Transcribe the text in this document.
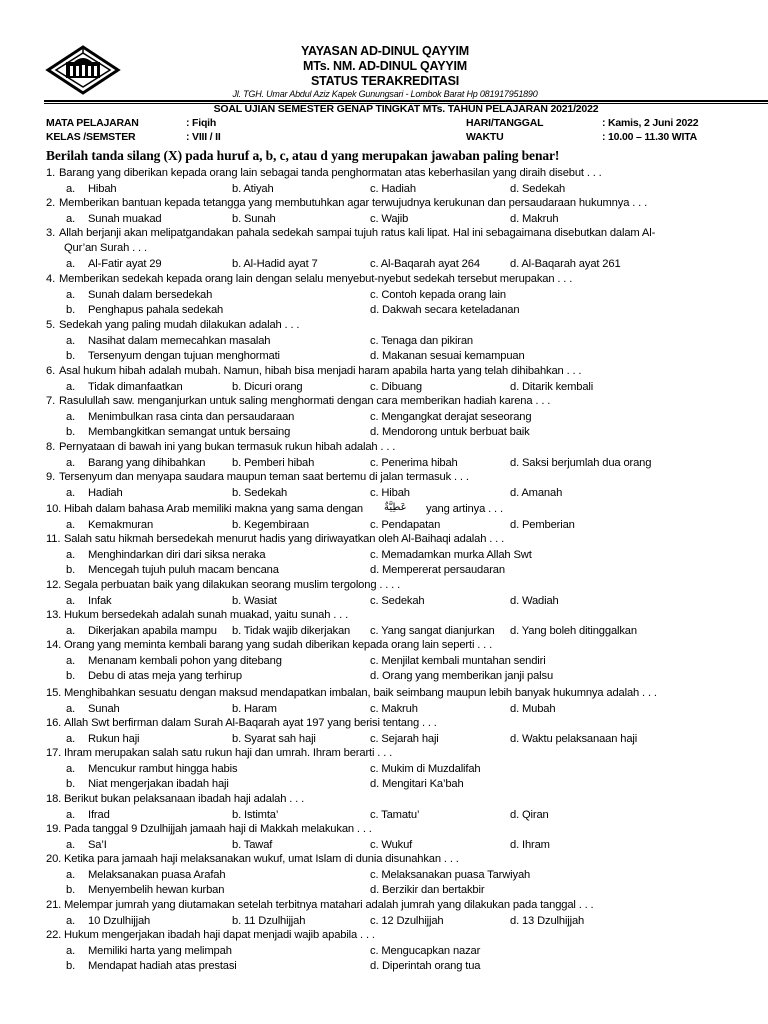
YAYASAN AD-DINUL QAYYIM
MTs. NM. AD-DINUL QAYYIM
STATUS TERAKREDITASI
Jl. TGH. Umar Abdul Aziz Kapek Gunungsari - Lombok Barat Hp 081917951890
SOAL UJIAN SEMESTER GENAP TINGKAT MTs. TAHUN PELAJARAN 2021/2022
MATA PELAJARAN	: Fiqih	HARI/TANGGAL	: Kamis, 2 Juni 2022
KELAS /SEMSTER	: VIII / II	WAKTU	: 10.00 – 11.30 WITA
Berilah tanda silang (X) pada huruf a, b, c, atau d yang merupakan jawaban paling benar!
1. Barang yang diberikan kepada orang lain sebagai tanda penghormatan atas keberhasilan yang diraih disebut . . .
a. Hibah	b. Atiyah	c. Hadiah	d. Sedekah
2. Memberikan bantuan kepada tetangga yang membutuhkan agar terwujudnya kerukunan dan persaudaraan hukumnya . . .
a. Sunah muakad	b. Sunah	c. Wajib	d. Makruh
3. Allah berjanji akan melipatgandakan pahala sedekah sampai tujuh ratus kali lipat. Hal ini sebagaimana disebutkan dalam Al-
Qur’an Surah . . .
a. Al-Fatir ayat 29	b. Al-Hadid ayat 7	c. Al-Baqarah ayat 264	d. Al-Baqarah ayat 261
4. Memberikan sedekah kepada orang lain dengan selalu menyebut-nyebut sedekah tersebut merupakan . . .
a. Sunah dalam bersedekah	c. Contoh kepada orang lain
b. Penghapus pahala sedekah	d. Dakwah secara keteladanan
5. Sedekah yang paling mudah dilakukan adalah . . .
a. Nasihat dalam memecahkan masalah	c. Tenaga dan pikiran
b. Tersenyum dengan tujuan menghormati	d. Makanan sesuai kemampuan
6. Asal hukum hibah adalah mubah. Namun, hibah bisa menjadi haram apabila harta yang telah dihibahkan . . .
a. Tidak dimanfaatkan	b. Dicuri orang	c. Dibuang	d. Ditarik kembali
7. Rasulullah saw. menganjurkan untuk saling menghormati dengan cara memberikan hadiah karena . . .
a. Menimbulkan rasa cinta dan persaudaraan	c. Mengangkat derajat seseorang
b. Membangkitkan semangat untuk bersaing	d. Mendorong untuk berbuat baik
8. Pernyataan di bawah ini yang bukan termasuk rukun hibah adalah . . .
a. Barang yang dihibahkan b. Pemberi hibah	c. Penerima hibah	d. Saksi berjumlah dua orang
9. Tersenyum dan menyapa saudara maupun teman saat bertemu di jalan termasuk . . .
a. Hadiah	b. Sedekah	c. Hibah	d. Amanah
10. Hibah dalam bahasa Arab memiliki makna yang sama dengan عَطِيَّةٌ yang artinya . . .
a. Kemakmuran	b. Kegembiraan	c. Pendapatan	d. Pemberian
11. Salah satu hikmah bersedekah menurut hadis yang diriwayatkan oleh Al-Baihaqi adalah . . .
a. Menghindarkan diri dari siksa neraka	c. Memadamkan murka Allah Swt
b. Mencegah tujuh puluh macam bencana	d. Mempererat persaudaran
12. Segala perbuatan baik yang dilakukan seorang muslim tergolong . . . .
a. Infak	b. Wasiat	c. Sedekah	d. Wadiah
13. Hukum bersedekah adalah sunah muakad, yaitu sunah . . .
a. Dikerjakan apabila mampu b. Tidak wajib dikerjakan c. Yang sangat dianjurkan d. Yang boleh ditinggalkan
14. Orang yang meminta kembali barang yang sudah diberikan kepada orang lain seperti . . .
a. Menanam kembali pohon yang ditebang	c. Menjilat kembali muntahan sendiri
b. Debu di atas meja yang terhirup	d. Orang yang memberikan janji palsu
15. Menghibahkan sesuatu dengan maksud mendapatkan imbalan, baik seimbang maupun lebih banyak hukumnya adalah . . .
a. Sunah	b. Haram	c. Makruh	d. Mubah
16. Allah Swt berfirman dalam Surah Al-Baqarah ayat 197 yang berisi tentang . . .
a. Rukun haji	b. Syarat sah haji	c. Sejarah haji	d. Waktu pelaksanaan haji
17. Ihram merupakan salah satu rukun haji dan umrah. Ihram berarti . . .
a. Mencukur rambut hingga habis	c. Mukim di Muzdalifah
b. Niat mengerjakan ibadah haji	d. Mengitari Ka’bah
18. Berikut bukan pelaksanaan ibadah haji adalah . . .
a. Ifrad	b. Istimta’	c. Tamatu’	d. Qiran
19. Pada tanggal 9 Dzulhijjah jamaah haji di Makkah melakukan . . .
a. Sa’I	b. Tawaf	c. Wukuf	d. Ihram
20. Ketika para jamaah haji melaksanakan wukuf, umat Islam di dunia disunahkan . . .
a. Melaksanakan puasa Arafah	c. Melaksanakan puasa Tarwiyah
b. Menyembelih hewan kurban	d. Berzikir dan bertakbir
21. Melempar jumrah yang diutamakan setelah terbitnya matahari adalah jumrah yang dilakukan pada tanggal . . .
a. 10 Dzulhijjah	b. 11 Dzulhijjah	c. 12 Dzulhijjah	d. 13 Dzulhijjah
22. Hukum mengerjakan ibadah haji dapat menjadi wajib apabila . . .
a. Memiliki harta yang melimpah	c. Mengucapkan nazar
b. Mendapat hadiah atas prestasi	d. Diperintah orang tua
